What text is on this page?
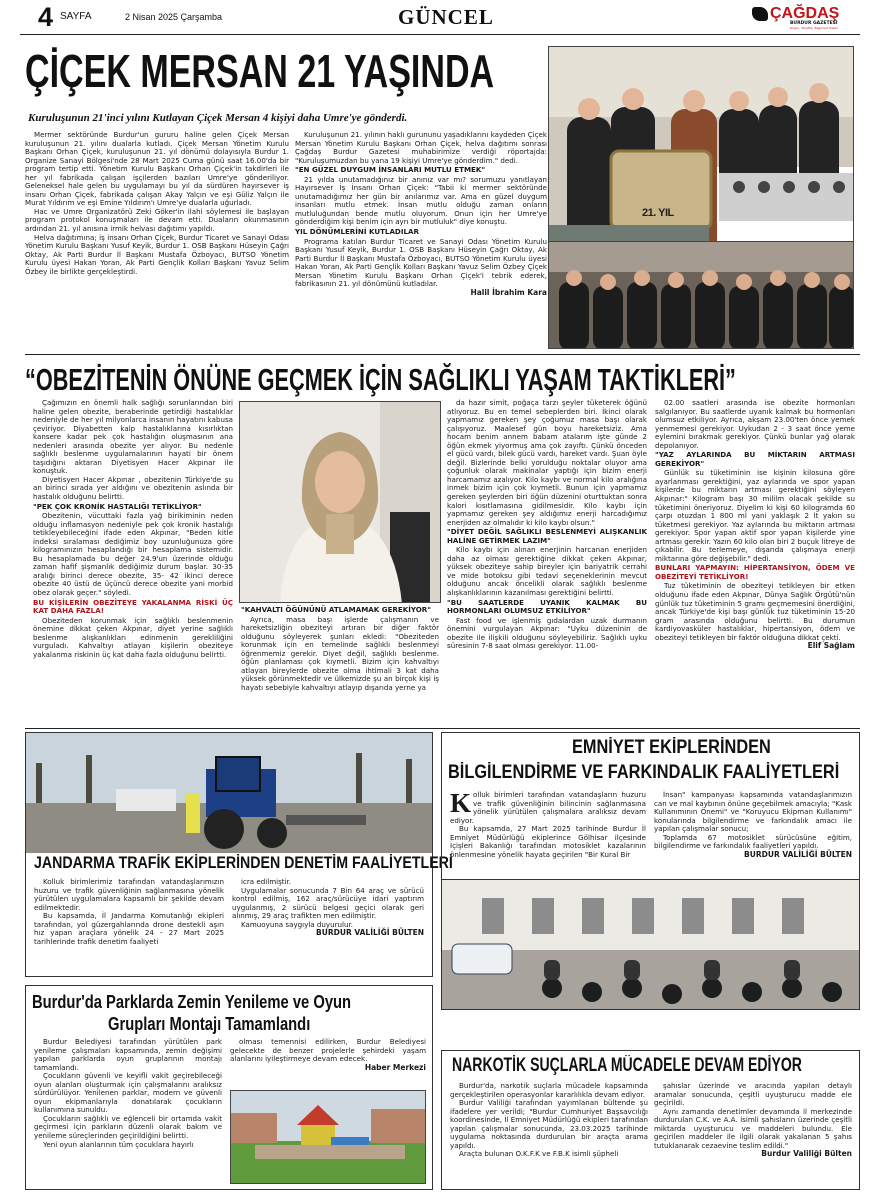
4 SAYFA	2 Nisan 2025 Çarşamba	GÜNCEL	ÇAĞDAŞ
BURDUR GAZETESİ
Doğru, Tarafsız, Bağımsız Haber
ÇİÇEK MERSAN 21 YAŞINDA
Kuruluşunun 21'inci yılını Kutlayan Çiçek Mersan 4 kişiyi daha Umre'ye gönderdi.

Mermer sektöründe Burdur'un gururu haline gelen Çiçek Mersan kuruluşunun 21. yılını dualarla kutladı. Çiçek Mersan Yönetim Kurulu Başkanı Orhan Çiçek, kuruluşunun 21. yıl dönümü dolayısıyla Burdur 1. Organize Sanayi Bölgesi'nde 28 Mart 2025 Cuma günü saat 16.00'da bir program tertip etti. Yönetim Kurulu Başkanı Orhan Çiçek'in takdirleri ile her yıl fabrikada çalışan işçilerden bazıları Umre'ye gönderiliyor. Geleneksel hale gelen bu uygulamayı bu yıl da sürdüren hayırsever iş insanı Orhan Çiçek, fabrikada çalışan Akay Yalçın ve eşi Güliz Yalçın ile Murat Yıldırım ve eşi Emine Yıldırım'ı Umre'ye dualarla uğurladı.

Hac ve Umre Organizatörü Zeki Göker'in ilahi söylemesi ile başlayan program protokol konuşmaları ile devam etti. Duaların okunmasının ardından 21. yıl anısına irmik helvası dağıtımı yapıldı.

Helva dağıtımına; iş insanı Orhan Çiçek, Burdur Ticaret ve Sanayi Odası Yönetim Kurulu Başkanı Yusuf Keyik, Burdur 1. OSB Başkanı Hüseyin Çağrı Oktay, Ak Parti Burdur İl Başkanı Mustafa Özboyacı, BUTSO Yönetim Kurulu üyesi Hakan Yoran, Ak Parti Gençlik Kolları Başkanı Yavuz Selim Özbey ile birlikte gerçekleştirdi.

Kuruluşunun 21. yılının haklı gurununu yaşadıklarını kaydeden Çiçek Mersan Yönetim Kurulu Başkanı Orhan Çiçek, helva dağıtımı sonrası Çağdaş Burdur Gazetesi muhabirimize verdiği röportajda: "Kuruluşumuzdan bu yana 19 kişiyi Umre'ye gönderdim." dedi.

"EN GÜZEL DUYGUM İNSANLARI MUTLU ETMEK"

21 yılda unutamadığınız bir anınız var mı? sorumuzu yanıtlayan Hayırsever İş İnsanı Orhan Çiçek: "Tabii ki mermer sektöründe unutamadığımız her gün bir anılarımız var. Ama en güzel duygum insanları mutlu etmek. İnsan mutlu olduğu zaman onların mutluluğundan bende mutlu oluyorum. Onun için her Umre'ye gönderdiğim kişi benim için ayrı bir mutluluk" diye konuştu.

YIL DÖNÜMLERİNİ KUTLADILAR

Programa katılan Burdur Ticaret ve Sanayi Odası Yönetim Kurulu Başkanı Yusuf Keyik, Burdur 1. OSB Başkanı Hüseyin Çağrı Oktay, Ak Parti Burdur İl Başkanı Mustafa Özboyacı, BUTSO Yönetim Kurulu üyesi Hakan Yoran, Ak Parti Gençlik Kolları Başkanı Yavuz Selim Özbey Çiçek Mersan Yönetim Kurulu Başkanı Orhan Çiçek'i tebrik ederek, fabrikasının 21. yıl dönümünü kutladılar.

Halil İbrahim Kara
21. YIL
“OBEZİTENİN ÖNÜNE GEÇMEK İÇİN SAĞLIKLI YAŞAM TAKTİKLERİ”

Çağımızın en önemli halk sağlığı sorunlarından biri haline gelen obezite, beraberinde getirdiği hastalıklar nedeniyle de her yıl milyonlarca insanın hayatını kabusa çeviriyor. Diyabetten kalp hastalıklarına kısırlıktan kansere kadar pek çok hastalığın oluşmasının ana nedenleri arasında obezite yer alıyor. Bu nedenle sağlıklı beslenme uygulamalarının hayati bir önem taşıdığını aktaran Diyetisyen Hacer Akpınar ile konuştuk.

Diyetisyen Hacer Akpınar , obezitenin Türkiye'de şu an birinci sırada yer aldığını ve obezitenin aslında bir hastalık olduğunu belirtti.

"PEK ÇOK KRONİK HASTALIĞI TETİKLİYOR"

Obezitenin, vücuttaki fazla yağ birikiminin neden olduğu inflamasyon nedeniyle pek çok kronik hastalığı tetikleyebileceğini ifade eden Akpınar, "Beden kitle indeksi sıralaması dediğimiz boy uzunluğunuza göre kilogramınızın hesaplandığı bir hesaplama sistemidir. Bu hesaplamada bu değer 24.9'un üzerinde olduğu zaman hafif şişmanlık dediğimiz durum başlar. 30-35 aralığı birinci derece obezite, 35- 42 ikinci derece obezite 40 üstü de üçüncü derece obezite yani morbid obez olarak geçer." söyledi.

BU KİŞİLERİN OBEZİTEYE YAKALANMA RİSKİ ÜÇ KAT DAHA FAZLA!

Obeziteden korunmak için sağlıklı beslenmenin önemine dikkat çeken Akpınar, diyet yerine sağlıklı beslenme alışkanlıkları edinmenin gerekliliğini vurguladı. Kahvaltıyı atlayan kişilerin obeziteye yakalanma riskinin üç kat daha fazla olduğunu belirtti.

"KAHVALTI ÖĞÜNÜNÜ ATLAMAMAK GEREKİYOR"

Ayrıca, masa başı işlerde çalışmanın ve hareketsizliğin obeziteyi artıran bir diğer faktör olduğunu söyleyerek şunları ekledi: "Obeziteden korunmak için en temelinde sağlıklı beslenmeyi öğrenmemiz gerekir. Diyet değil, sağlıklı beslenme. öğün planlaması çok kıymetli. Bizim için kahvaltıyı atlayan bireylerde obezite olma ihtimali 3 kat daha yüksek görünmektedir ve ülkemizde şu an birçok kişi iş hayatı sebebiyle kahvaltıyı atlayıp dışarıda yerne ya

da hazır simit, poğaça tarzı şeyler tüketerek öğünü atlıyoruz. Bu en temel sebeplerden biri. İkinci olarak yapmamız gereken şey çoğumuz masa başı olarak çalışıyoruz. Maalesef gün boyu hareketsiziz. Ama hocam benim annem babam atalarım işte günde 2 öğün ekmek yiyormuş ama çok zayıftı. Çünkü önceden el gücü vardı, bilek gücü vardı, hareket vardı. Şuan öyle değil. Bizlerinde belki yorulduğu noktalar oluyor ama çoğunluk olarak makinalar yaptığı için bizim enerji harcamamız azalıyor. Kilo kaybı ve normal kilo aralığına inmek bizim için çok kıymetli. Bunun için yapmamız gereken şeylerden biri öğün düzenini oturttuktan sonra kalori kısıtlamasına gidilmesidir. Kilo kaybı için yapmamız gereken şey aldığımız enerji harcadığımız enerjiden az olmalıdır ki kilo kaybı olsun."

"DİYET DEĞİL SAĞLIKLI BESLENMEYİ ALIŞKANLIK HALİNE GETİRMEK LAZIM"

Kilo kaybı için alınan enerjinin harcanan enerjiden daha az olması gerektiğine dikkat çeken Akpınar, yüksek obeziteye sahip bireyler için bariyatrik cerrahi ve mide botoksu gibi tedavi seçeneklerinin mevcut olduğunu ancak öncelikli olarak sağlıklı beslenme alışkanlıklarının kazanılması gerektiğini belirtti.

"BU SAATLERDE UYANIK KALMAK BU HORMONLARI OLUMSUZ ETKİLİYOR"

Fast food ve işlenmiş gıdalardan uzak durmanın önemini vurgulayan Akpınar: "Uyku düzeninin de obezite ile ilişkili olduğunu söyleyebiliriz. Sağlıklı uyku süresinin 7-8 saat olması gerekiyor. 11.00-

02.00 saatleri arasında ise obezite hormonları salgılanıyor. Bu saatlerde uyanık kalmak bu hormonları olumsuz etkiliyor. Ayrıca, akşam 23.00'ten önce yemek yenmemesi gerekiyor. Uykudan 2 - 3 saat önce yeme eylemini bırakmak gerekiyor. Çünkü bunlar yağ olarak depolanıyor.

"YAZ AYLARINDA BU MİKTARIN ARTMASI GEREKİYOR"

Günlük su tüketiminin ise kişinin kilosuna göre ayarlanması gerektiğini, yaz aylarında ve spor yapan kişilerde bu miktarın artması gerektiğini söyleyen Akpınar:" Kilogram başı 30 mililm olacak şekilde su tüketimini öneriyoruz. Diyelim ki kişi 60 kilogramda 60 çarpı otuzdan 1 800 ml yani yaklaşık 2 lt yakın su tüketmesi gerekiyor. Yaz aylarında bu miktarın artması gerekiyor. Spor yapan aktif spor yapan kişilerde yine artması gerekir. Yazın 60 kilo olan biri 2 buçuk litreye de çıkabilir. Bu terlemeye, dışarıda çalışmaya enerji miktarına göre değişebilir." dedi.

BUNLARI YAPMAYIN: HİPERTANSİYON, ÖDEM VE OBEZİTEYİ TETİKLİYOR!

Tuz tüketiminin de obeziteyi tetikleyen bir etken olduğunu ifade eden Akpınar, Dünya Sağlık Örgütü'nün günlük tuz tüketiminin 5 gramı geçmemesini önerdiğini, ancak Türkiye'de kişi başı günlük tuz tüketiminin 15-20 gram arasında olduğunu belirtti. Bu durumun kardiyovasküler hastalıklar, hipertansiyon, ödem ve obeziteyi tetikleyen bir faktör olduğuna dikkat çekti.

Elif Sağlam
JANDARMA TRAFİK EKİPLERİNDEN DENETİM FAALİYETLERİ

Kolluk birimlerimiz tarafından vatandaşlarımızın huzuru ve trafik güvenliğinin sağlanmasına yönelik yürütülen uygulamalara kapsamlı bir şekilde devam edilmektedir.

Bu kapsamda, İl Jandarma Komutanlığı ekipleri tarafından, yol güzergahlarında drone destekli aşırı hız yapan araçlara yönelik 24 - 27 Mart 2025 tarihlerinde trafik denetim faaliyeti

icra edilmiştir.

Uygulamalar sonucunda 7 Bin 64 araç ve sürücü kontrol edilmiş, 162 araç/sürücüye idari yaptırım uygulanmış, 2 sürücü belgesi geçici olarak geri alınmış, 29 araç trafikten men edilmiştir.

Kamuoyuna saygıyla duyurulur.

BURDUR VALİLİĞİ BÜLTEN
Burdur'da Parklarda Zemin Yenileme ve Oyun
Grupları Montajı Tamamlandı

Burdur Belediyesi tarafından yürütülen park yenileme çalışmaları kapsamında, zemin değişimi yapılan parklarda oyun gruplarının montajı tamamlandı.

Çocukların güvenli ve keyifli vakit geçirebileceği oyun alanları oluşturmak için çalışmalarını aralıksız sürdürülüyor. Yenilenen parklar, modern ve güvenli oyun ekipmanlarıyla donatılarak çocukların kullanımına sunuldu.

Çocukların sağlıklı ve eğlenceli bir ortamda vakit geçirmesi için parkların düzenli olarak bakım ve yenileme süreçlerinden geçirildiğini belirtti.

Yeni oyun alanlarının tüm çocuklara hayırlı

olması temennisi edilirken, Burdur Belediyesi gelecekte de benzer projelerle şehirdeki yaşam alanlarını iyileştirmeye devam edecek.

Haber Merkezi
EMNİYET EKİPLERİNDEN
BİLGİLENDİRME VE FARKINDALIK FAALİYETLERİ

Kolluk birimleri tarafından vatandaşların huzuru ve trafik güvenliğinin bilincinin sağlanmasına yönelik yürütülen çalışmalara aralıksız devam ediyor.

Bu kapsamda, 27 Mart 2025 tarihinde Burdur İl Emniyet Müdürlüğü ekiplerince Gölhisar ilçesinde İçişleri Bakanlığı tarafından motosiklet kazalarının önlenmesine yönelik hayata geçirilen "Bir Kural Bir

İnsan" kampanyası kapsamında vatandaşlarımızın can ve mal kaybının önüne geçebilmek amacıyla; "Kask Kullanımının Önemi" ve "Koruyucu Ekipman Kullanımı" konularında bilgilendirme ve farkındalık amacı ile yapılan çalışmalar sonucu;

Toplamda 67 motosiklet sürücüsüne eğitim, bilgilendirme ve farkındalık faaliyetleri yapıldı.

BURDUR VALİLİĞİ BÜLTEN
NARKOTİK SUÇLARLA MÜCADELE DEVAM EDİYOR

Burdur'da, narkotik suçlarla mücadele kapsamında gerçekleştirilen operasyonlar kararlılıkla devam ediyor.

Burdur Valiliği tarafından yayımlanan bültende şu ifadelere yer verildi; "Burdur Cumhuriyet Başsavcılığı koordinesinde, İl Emniyet Müdürlüğü ekipleri tarafından yapılan çalışmalar sonucunda, 23.03.2025 tarihinde uygulama noktasında durdurulan bir araçta arama yapıldı.

Araçta bulunan O.K.F.K ve F.B.K isimli şüpheli

şahıslar üzerinde ve aracında yapılan detaylı aramalar sonucunda, çeşitli uyuşturucu madde ele geçirildi.

Aynı zamanda denetimler devamında il merkezinde durdurulan C.K. ve A.A. isimli şahısların üzerinde çeşitli miktarda uyuşturucu ve maddeleri bulundu. Ele geçirilen maddeler ile ilgili olarak yakalanan 5 şahıs tutuklanarak cezaevine teslim edildi."

Burdur Valiliği Bülten
